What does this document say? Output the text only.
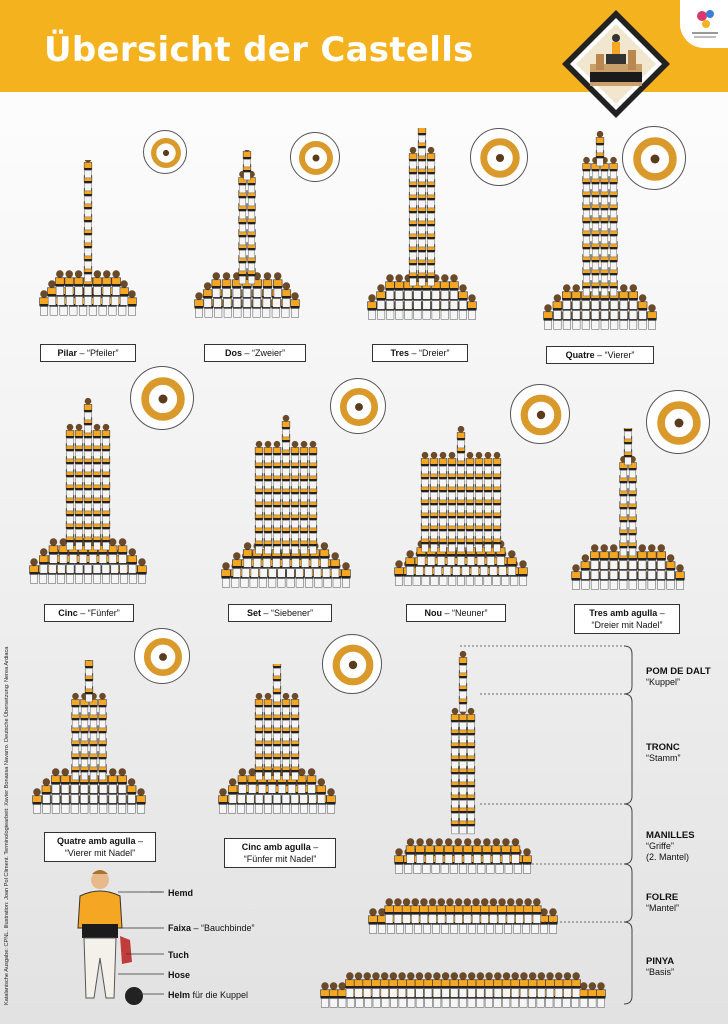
Übersicht der Castells
Katalanische Ausgabe: CPNL. Illustration: Joan Pol Climent. Terminologiearbeit: Xavier Bonassa Navarro. Deutsche Übersetzung: Nerea Ardiaca
Pilar – “Pfeiler”	Dos – “Zweier”	Tres – “Dreier”	Quatre – “Vierer”
Cinc – “Fünfer”	Set – “Siebener”	Nou – “Neuner”	Tres amb agulla –
“Dreier mit Nadel”
Quatre amb agulla –
“Vierer mit Nadel”
Cinc amb agulla –
“Fünfer mit Nadel”
Hemd
Faixa – “Bauchbinde”
Tuch
Hose
Helm für die Kuppel
POM DE DALT
“Kuppel”
TRONC
“Stamm”
MANILLES
“Griffe”
(2. Mantel)
FOLRE
“Mantel”
PINYA
“Basis”
